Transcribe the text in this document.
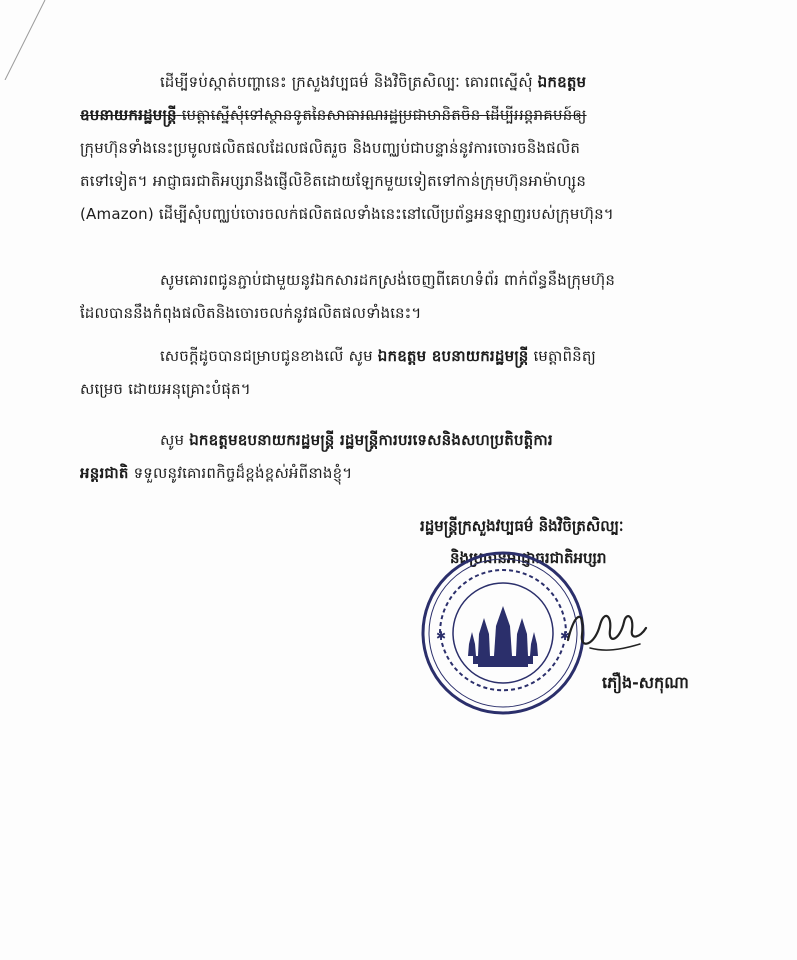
ដើម្បីទប់ស្កាត់បញ្ហានេះ ក្រសួងវប្បធម៌ និងវិចិត្រសិល្បៈ គោរពស្នើសុំ ឯកឧត្តម
ឧបនាយករដ្ឋមន្ត្រី មេត្តាស្នើសុំទៅស្ថានទូតនៃសាធារណរដ្ឋប្រជាមានិតចិន ដើម្បីអន្តរាគមន៍ឲ្យ
ក្រុមហ៊ុនទាំងនេះប្រមូលផលិតផលដែលផលិតរួច និងបញ្ឈប់ជាបន្ទាន់នូវការចោរចនិងផលិត
តទៅទៀត។ អាជ្ញាធរជាតិអប្សរានឹងផ្ញើលិខិតដោយឡែកមួយទៀតទៅកាន់ក្រុមហ៊ុនអាម៉ាហ្សូន
(Amazon) ដើម្បីសុំបញ្ឈប់ចោរចលក់ផលិតផលទាំងនេះនៅលើប្រព័ន្ធអនឡាញរបស់ក្រុមហ៊ុន។
សូមគោរពជូនភ្ជាប់ជាមួយនូវឯកសារដកស្រង់ចេញពីគេហទំព័រ ពាក់ព័ន្ធនឹងក្រុមហ៊ុន
ដែលបាននឹងកំពុងផលិតនិងចោរចលក់នូវផលិតផលទាំងនេះ។
សេចក្តីដូចបានជម្រាបជូនខាងលើ សូម ឯកឧត្តម ឧបនាយករដ្ឋមន្ត្រី មេត្តាពិនិត្យ
សម្រេច ដោយអនុគ្រោះបំផុត។
សូម ឯកឧត្តមឧបនាយករដ្ឋមន្ត្រី រដ្ឋមន្ត្រីការបរទេសនិងសហប្រតិបត្តិការ
អន្តរជាតិ ទទួលនូវគោរពកិច្ចដ៏ខ្ពង់ខ្ពស់អំពីនាងខ្ញុំ។
រដ្ឋមន្ត្រីក្រសួងវប្បធម៌ និងវិចិត្រសិល្បៈ
និងប្រធានអាជ្ញាធរជាតិអប្សរា
✱	✱
ភឿង-សកុណា
